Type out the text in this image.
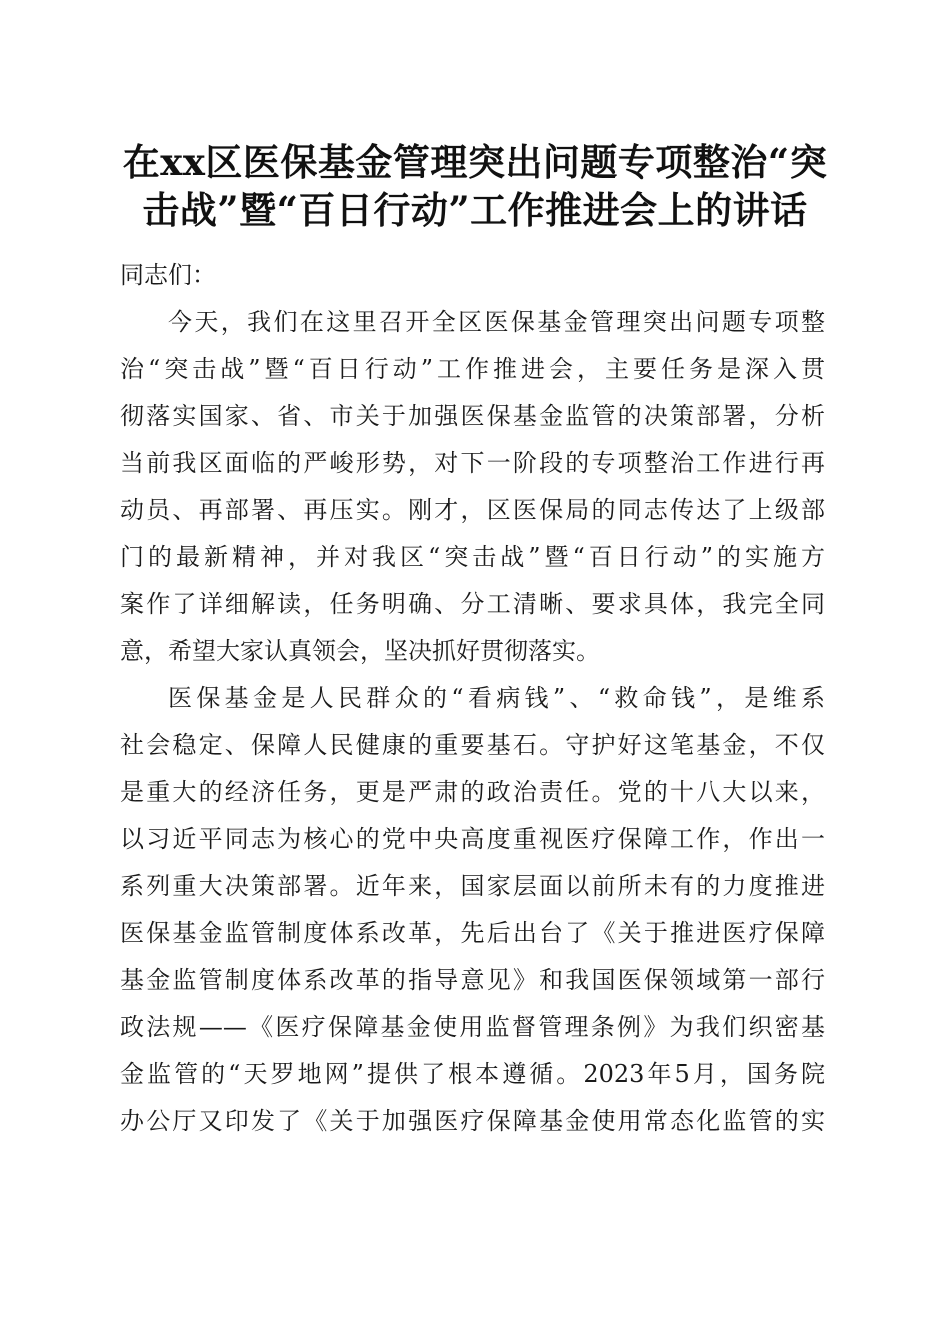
在xx区医保基金管理突出问题专项整治“突
击战”暨“百日行动”工作推进会上的讲话
同志们：
今天，我们在这里召开全区医保基金管理突出问题专项整
治“突击战”暨“百日行动”工作推进会，主要任务是深入贯
彻落实国家、省、市关于加强医保基金监管的决策部署，分析
当前我区面临的严峻形势，对下一阶段的专项整治工作进行再
动员、再部署、再压实。刚才，区医保局的同志传达了上级部
门的最新精神，并对我区“突击战”暨“百日行动”的实施方
案作了详细解读，任务明确、分工清晰、要求具体，我完全同
意，希望大家认真领会，坚决抓好贯彻落实。
医保基金是人民群众的“看病钱”、“救命钱”，是维系
社会稳定、保障人民健康的重要基石。守护好这笔基金，不仅
是重大的经济任务，更是严肃的政治责任。党的十八大以来，
以习近平同志为核心的党中央高度重视医疗保障工作，作出一
系列重大决策部署。近年来，国家层面以前所未有的力度推进
医保基金监管制度体系改革，先后出台了《关于推进医疗保障
基金监管制度体系改革的指导意见》和我国医保领域第一部行
政法规——《医疗保障基金使用监督管理条例》为我们织密基
金监管的“天罗地网”提供了根本遵循。2023年5月，国务院
办公厅又印发了《关于加强医疗保障基金使用常态化监管的实
